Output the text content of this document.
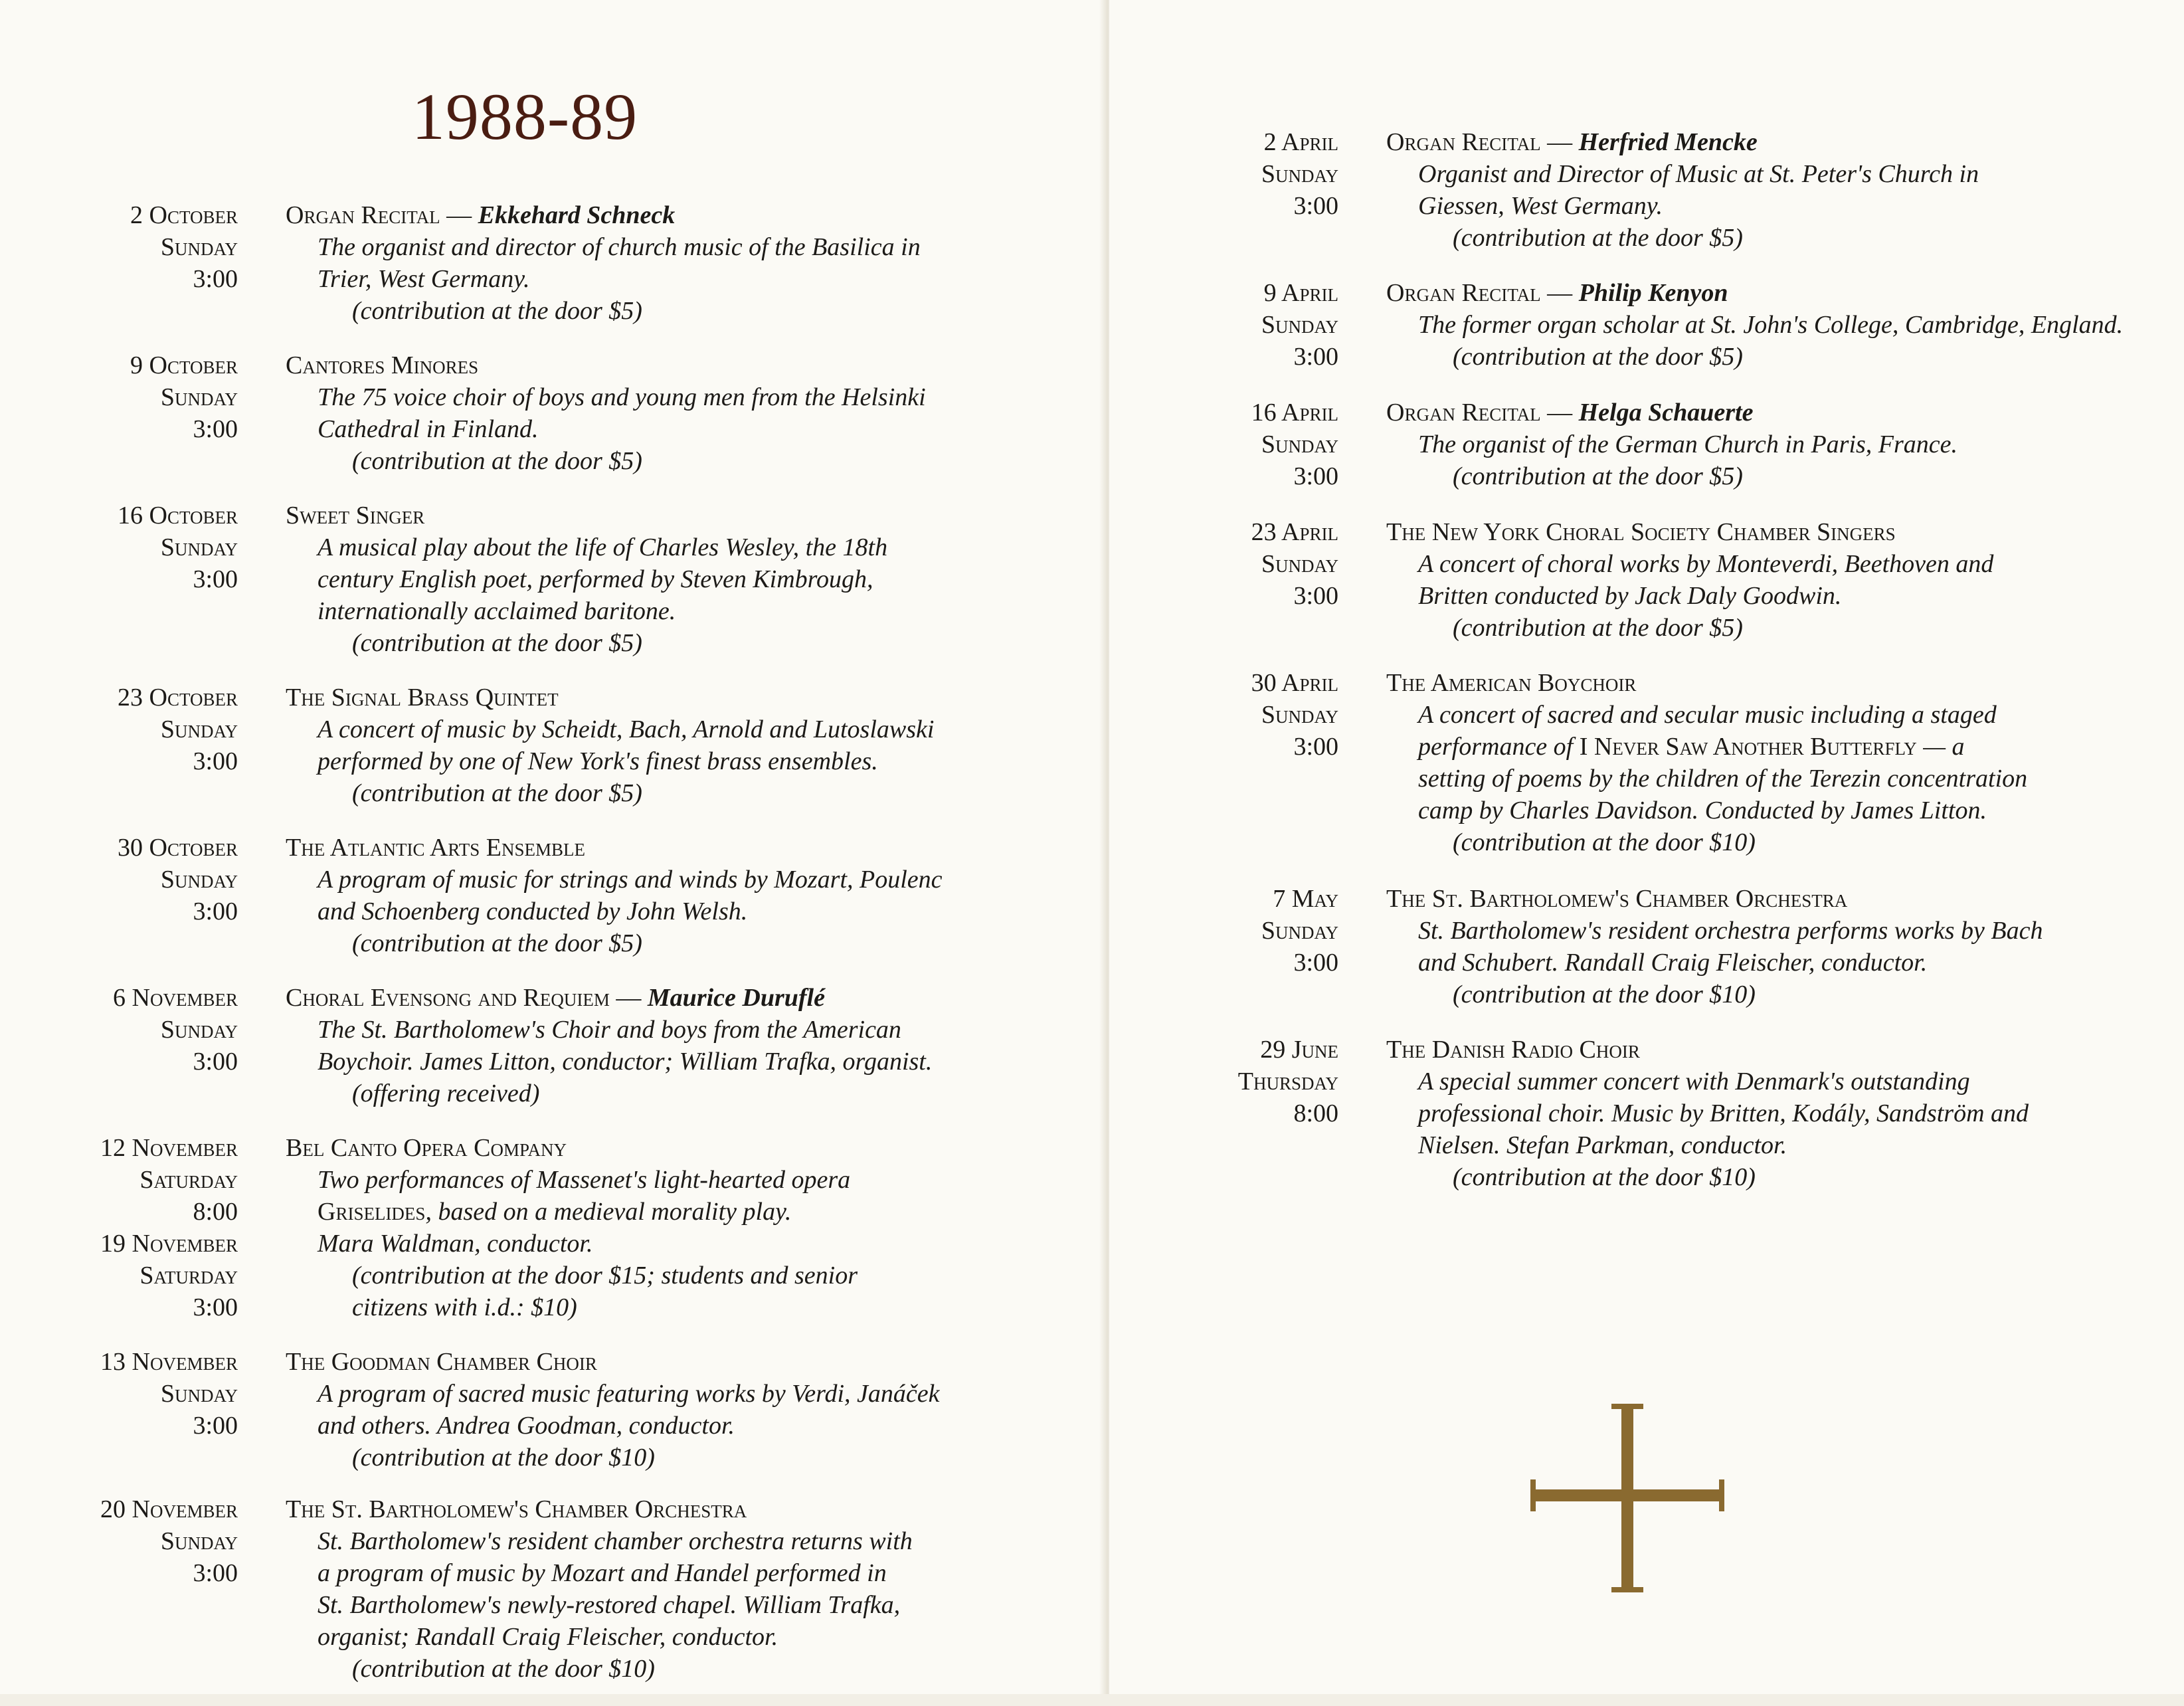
1988-89
2 October
Sunday
3:00
Organ Recital — Ekkehard Schneck
The organist and director of church music of the Basilica in
Trier, West Germany.
(contribution at the door $5)
9 October
Sunday
3:00
Cantores Minores
The 75 voice choir of boys and young men from the Helsinki
Cathedral in Finland.
(contribution at the door $5)
16 October
Sunday
3:00
Sweet Singer
A musical play about the life of Charles Wesley, the 18th
century English poet, performed by Steven Kimbrough,
internationally acclaimed baritone.
(contribution at the door $5)
23 October
Sunday
3:00
The Signal Brass Quintet
A concert of music by Scheidt, Bach, Arnold and Lutoslawski
performed by one of New York's finest brass ensembles.
(contribution at the door $5)
30 October
Sunday
3:00
The Atlantic Arts Ensemble
A program of music for strings and winds by Mozart, Poulenc
and Schoenberg conducted by John Welsh.
(contribution at the door $5)
6 November
Sunday
3:00
Choral Evensong and Requiem — Maurice Duruflé
The St. Bartholomew's Choir and boys from the American
Boychoir. James Litton, conductor; William Trafka, organist.
(offering received)
12 November
Saturday
8:00
19 November
Saturday
3:00
Bel Canto Opera Company
Two performances of Massenet's light-hearted opera
Griselides, based on a medieval morality play.
Mara Waldman, conductor.
(contribution at the door $15; students and senior
citizens with i.d.: $10)
13 November
Sunday
3:00
The Goodman Chamber Choir
A program of sacred music featuring works by Verdi, Janáček
and others. Andrea Goodman, conductor.
(contribution at the door $10)
20 November
Sunday
3:00
The St. Bartholomew's Chamber Orchestra
St. Bartholomew's resident chamber orchestra returns with
a program of music by Mozart and Handel performed in
St. Bartholomew's newly-restored chapel. William Trafka,
organist; Randall Craig Fleischer, conductor.
(contribution at the door $10)
2 April
Sunday
3:00
Organ Recital — Herfried Mencke
Organist and Director of Music at St. Peter's Church in
Giessen, West Germany.
(contribution at the door $5)
9 April
Sunday
3:00
Organ Recital — Philip Kenyon
The former organ scholar at St. John's College, Cambridge, England.
(contribution at the door $5)
16 April
Sunday
3:00
Organ Recital — Helga Schauerte
The organist of the German Church in Paris, France.
(contribution at the door $5)
23 April
Sunday
3:00
The New York Choral Society Chamber Singers
A concert of choral works by Monteverdi, Beethoven and
Britten conducted by Jack Daly Goodwin.
(contribution at the door $5)
30 April
Sunday
3:00
The American Boychoir
A concert of sacred and secular music including a staged
performance of I Never Saw Another Butterfly — a
setting of poems by the children of the Terezin concentration
camp by Charles Davidson. Conducted by James Litton.
(contribution at the door $10)
7 May
Sunday
3:00
The St. Bartholomew's Chamber Orchestra
St. Bartholomew's resident orchestra performs works by Bach
and Schubert. Randall Craig Fleischer, conductor.
(contribution at the door $10)
29 June
Thursday
8:00
The Danish Radio Choir
A special summer concert with Denmark's outstanding
professional choir. Music by Britten, Kodály, Sandström and
Nielsen. Stefan Parkman, conductor.
(contribution at the door $10)
